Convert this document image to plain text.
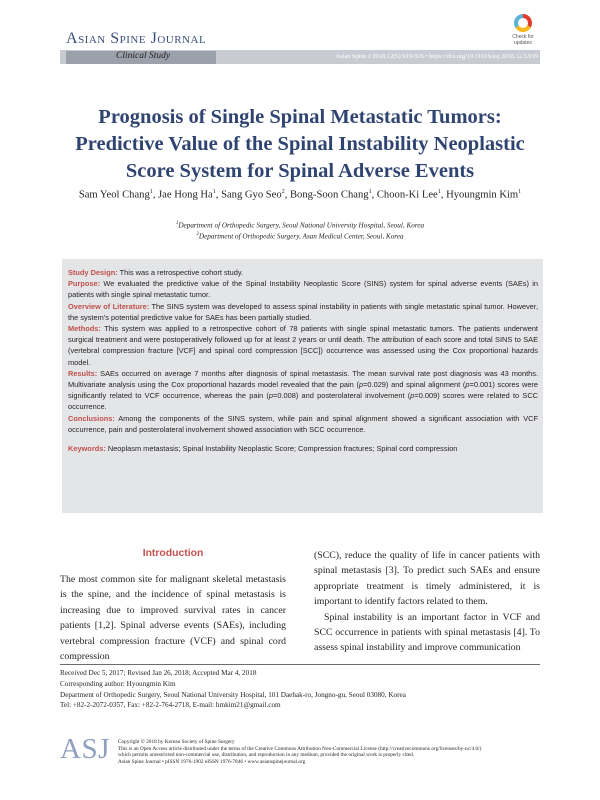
Asian Spine Journal
Clinical Study	Asian Spine J 2018;12(5):919-926 • https://doi.org/10.31616/asj.2018.12.5.919
Check for updates
Prognosis of Single Spinal Metastatic Tumors:
Predictive Value of the Spinal Instability Neoplastic
Score System for Spinal Adverse Events
Sam Yeol Chang$^1$, Jae Hong Ha$^1$, Sang Gyo Seo$^2$, Bong-Soon Chang$^1$, Choon-Ki Lee$^1$, Hyoungmin Kim$^1$
$^1$Department of Orthopedic Surgery, Seoul National University Hospital, Seoul, Korea
$^2$Department of Orthopedic Surgery, Asan Medical Center, Seoul, Korea

Study Design: This was a retrospective cohort study.

Purpose: We evaluated the predictive value of the Spinal Instability Neoplastic Score (SINS) system for spinal adverse events (SAEs) in patients with single spinal metastatic tumor.

Overview of Literature: The SINS system was developed to assess spinal instability in patients with single metastatic spinal tumor. However, the system’s potential predictive value for SAEs has been partially studied.

Methods: This system was applied to a retrospective cohort of 78 patients with single spinal metastatic tumors. The patients underwent surgical treatment and were postoperatively followed up for at least 2 years or until death. The attribution of each score and total SINS to SAE (vertebral compression fracture [VCF] and spinal cord compression [SCC]) occurrence was assessed using the Cox proportional hazards model.

Results: SAEs occurred on average 7 months after diagnosis of spinal metastasis. The mean survival rate post diagnosis was 43 months. Multivariate analysis using the Cox proportional hazards model revealed that the pain (p=0.029) and spinal alignment (p=0.001) scores were significantly related to VCF occurrence, whereas the pain (p=0.008) and posterolateral involvement (p=0.009) scores were related to SCC occurrence.

Conclusions: Among the components of the SINS system, while pain and spinal alignment showed a significant association with VCF occurrence, pain and posterolateral involvement showed association with SCC occurrence.

Keywords: Neoplasm metastasis; Spinal Instability Neoplastic Score; Compression fractures; Spinal cord compression

Introduction

The most common site for malignant skeletal metastasis is the spine, and the incidence of spinal metastasis is increasing due to improved survival rates in cancer patients [1,2]. Spinal adverse events (SAEs), including vertebral compression fracture (VCF) and spinal cord compression

(SCC), reduce the quality of life in cancer patients with spinal metastasis [3]. To predict such SAEs and ensure appropriate treatment is timely administered, it is important to identify factors related to them.

Spinal instability is an important factor in VCF and SCC occurrence in patients with spinal metastasis [4]. To assess spinal instability and improve communication

Received Dec 5, 2017; Revised Jan 26, 2018; Accepted Mar 4, 2018
Corresponding author: Hyoungmin Kim
Department of Orthopedic Surgery, Seoul National University Hospital, 101 Daehak-ro, Jongno-gu, Seoul 03080, Korea
Tel: +82-2-2072-0357, Fax: +82-2-764-2718, E-mail: hmkim21@gmail.com
ASJ Copyright © 2018 by Korean Society of Spine Surgery
This is an Open Access article distributed under the terms of the Creative Commons Attribution Non-Commercial License (http://creativecommons.org/licenses/by-nc/4.0/)
which permits unrestricted non-commercial use, distribution, and reproduction in any medium, provided the original work is properly cited.
Asian Spine Journal • pISSN 1976-1902 eISSN 1976-7846 • www.asianspinejournal.org
